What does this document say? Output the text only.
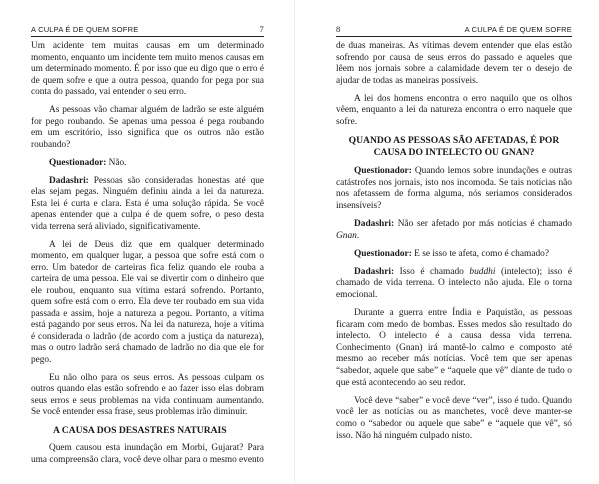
A CULPA É DE QUEM SOFRE	7

Um acidente tem muitas causas em um determinado momento, enquanto um incidente tem muito menos causas em um determinado momento. É por isso que eu digo que o erro é de quem sofre e que a outra pessoa, quando for pega por sua conta do passado, vai entender o seu erro.

As pessoas vão chamar alguém de ladrão se este alguém for pego roubando. Se apenas uma pessoa é pega roubando em um escritório, isso significa que os outros não estão roubando?

Questionador: Não.

Dadashri: Pessoas são consideradas honestas até que elas sejam pegas. Ninguém definiu ainda a lei da natureza. Esta lei é curta e clara. Esta é uma solução rápida. Se você apenas entender que a culpa é de quem sofre, o peso desta vida terrena será aliviado, significativamente.

A lei de Deus diz que em qualquer determinado momento, em qualquer lugar, a pessoa que sofre está com o erro. Um batedor de carteiras fica feliz quando ele rouba a carteira de uma pessoa. Ele vai se divertir com o dinheiro que ele roubou, enquanto sua vítima estará sofrendo. Portanto, quem sofre está com o erro. Ela deve ter roubado em sua vida passada e assim, hoje a natureza a pegou. Portanto, a vítima está pagando por seus erros. Na lei da natureza, hoje a vítima é considerada o ladrão (de acordo com a justiça da natureza), mas o outro ladrão será chamado de ladrão no dia que ele for pego.

Eu não olho para os seus erros. As pessoas culpam os outros quando elas estão sofrendo e ao fazer isso elas dobram seus erros e seus problemas na vida continuam aumentando. Se você entender essa frase, seus problemas irão diminuir.

A CAUSA DOS DESASTRES NATURAIS

Quem causou esta inundação em Morbi, Gujarat? Para uma compreensão clara, você deve olhar para o mesmo evento

8	A CULPA É DE QUEM SOFRE

de duas maneiras. As vítimas devem entender que elas estão sofrendo por causa de seus erros do passado e aqueles que lêem nos jornais sobre a calamidade devem ter o desejo de ajudar de todas as maneiras possíveis.

A lei dos homens encontra o erro naquilo que os olhos vêem, enquanto a lei da natureza encontra o erro naquele que sofre.

QUANDO AS PESSOAS SÃO AFETADAS, É POR CAUSA DO INTELECTO OU GNAN?

Questionador: Quando lemos sobre inundações e outras catástrofes nos jornais, isto nos incomoda. Se tais notícias não nos afetassem de forma alguma, nós seriamos considerados insensíveis?

Dadashri: Não ser afetado por más notícias é chamado Gnan.

Questionador: E se isso te afeta, como é chamado?

Dadashri: Isso é chamado buddhi (intelecto); isso é chamado de vida terrena. O intelecto não ajuda. Ele o torna emocional.

Durante a guerra entre Índia e Paquistão, as pessoas ficaram com medo de bombas. Esses medos são resultado do intelecto. O intelecto é a causa dessa vida terrena. Conhecimento (Gnan) irá mantê-lo calmo e composto até mesmo ao receber más notícias. Você tem que ser apenas “sabedor, aquele que sabe” e “aquele que vê” diante de tudo o que está acontecendo ao seu redor.

Você deve “saber” e você deve “ver”, isso é tudo. Quando você ler as notícias ou as manchetes, você deve manter-se como o “sabedor ou aquele que sabe” e “aquele que vê”, só isso. Não há ninguém culpado nisto.
